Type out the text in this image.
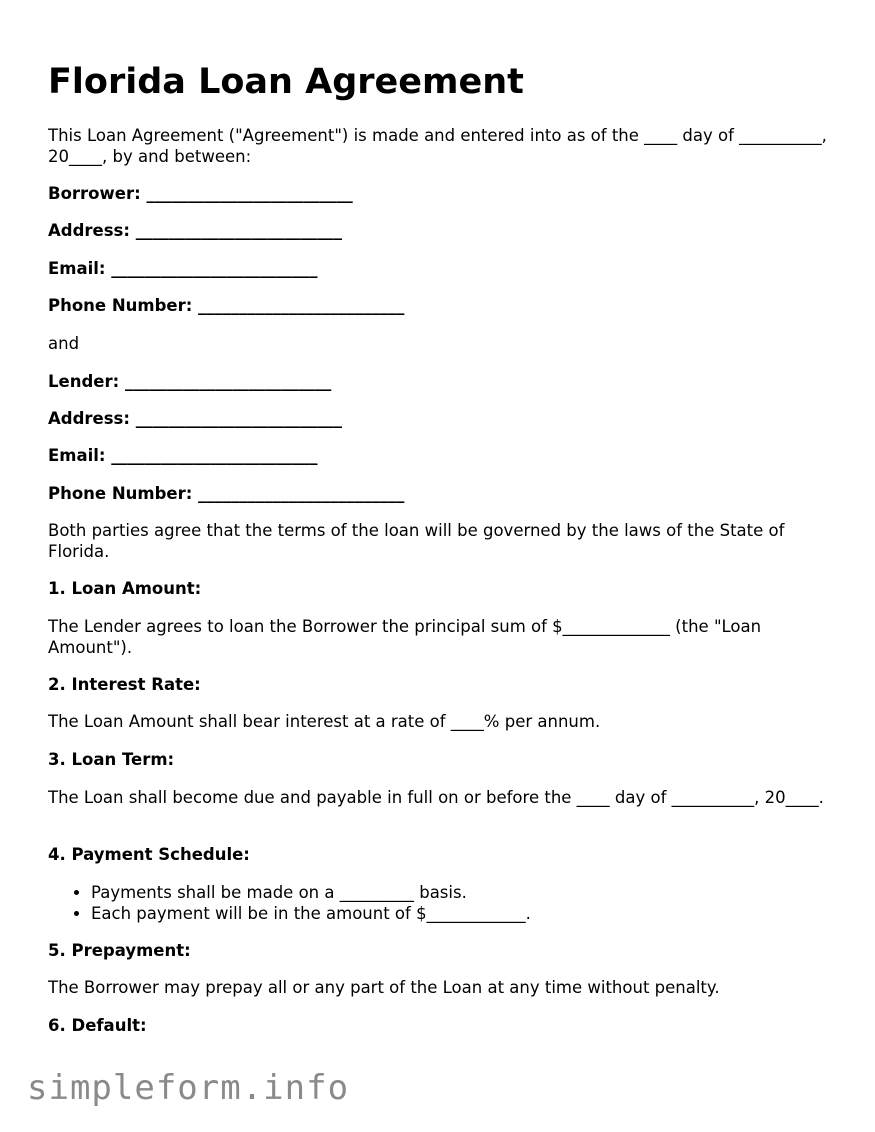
Florida Loan Agreement

This Loan Agreement ("Agreement") is made and entered into as of the ____ day of __________, 20____, by and between:

Borrower: _________________________

Address: _________________________

Email: _________________________

Phone Number: _________________________

and

Lender: _________________________

Address: _________________________

Email: _________________________

Phone Number: _________________________

Both parties agree that the terms of the loan will be governed by the laws of the State of Florida.

1. Loan Amount:

The Lender agrees to loan the Borrower the principal sum of $_____________ (the "Loan Amount").

2. Interest Rate:

The Loan Amount shall bear interest at a rate of ____% per annum.

3. Loan Term:

The Loan shall become due and payable in full on or before the ____ day of __________, 20____.

4. Payment Schedule:

• Payments shall be made on a _________ basis.
• Each payment will be in the amount of $____________.

5. Prepayment:

The Borrower may prepay all or any part of the Loan at any time without penalty.

6. Default:

simpleform.info
